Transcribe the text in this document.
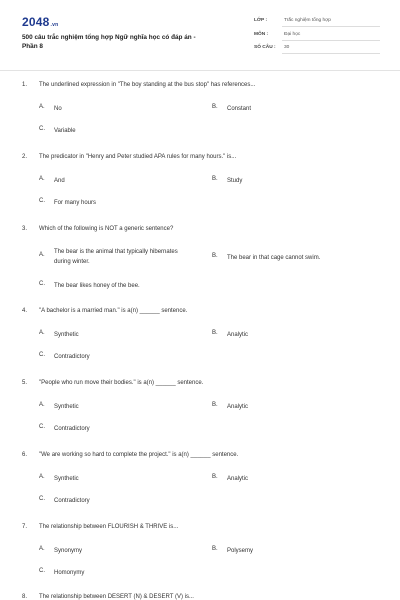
2048.vn
500 câu trắc nghiệm tổng hợp Ngữ nghĩa học có đáp án -
Phần 8
LỚP :	Trắc nghiệm tổng hợp
MÔN :	Đại học
SỐ CÂU : 30
1. The underlined expression in "The boy standing at the bus stop" has references...
A. No	B. Constant
C. Variable
2. The predicator in "Henry and Peter studied APA rules for many hours." is...
A. And	B. Study
C. For many hours
3. Which of the following is NOT a generic sentence?
A. The bear is the animal that typically hibernates during winter.
B. The bear in that cage cannot swim.
C. The bear likes honey of the bee.
4. "A bachelor is a married man." is a(n) ______ sentence.
A. Synthetic	B. Analytic
C. Contradictory
5. "People who run move their bodies." is a(n) ______ sentence.
A. Synthetic	B. Analytic
C. Contradictory
6. "We are working so hard to complete the project." is a(n) ______ sentence.
A. Synthetic	B. Analytic
C. Contradictory
7. The relationship between FLOURISH & THRIVE is...
A. Synonymy	B. Polysemy
C. Homonymy
8. The relationship between DESERT (N) & DESERT (V) is...
